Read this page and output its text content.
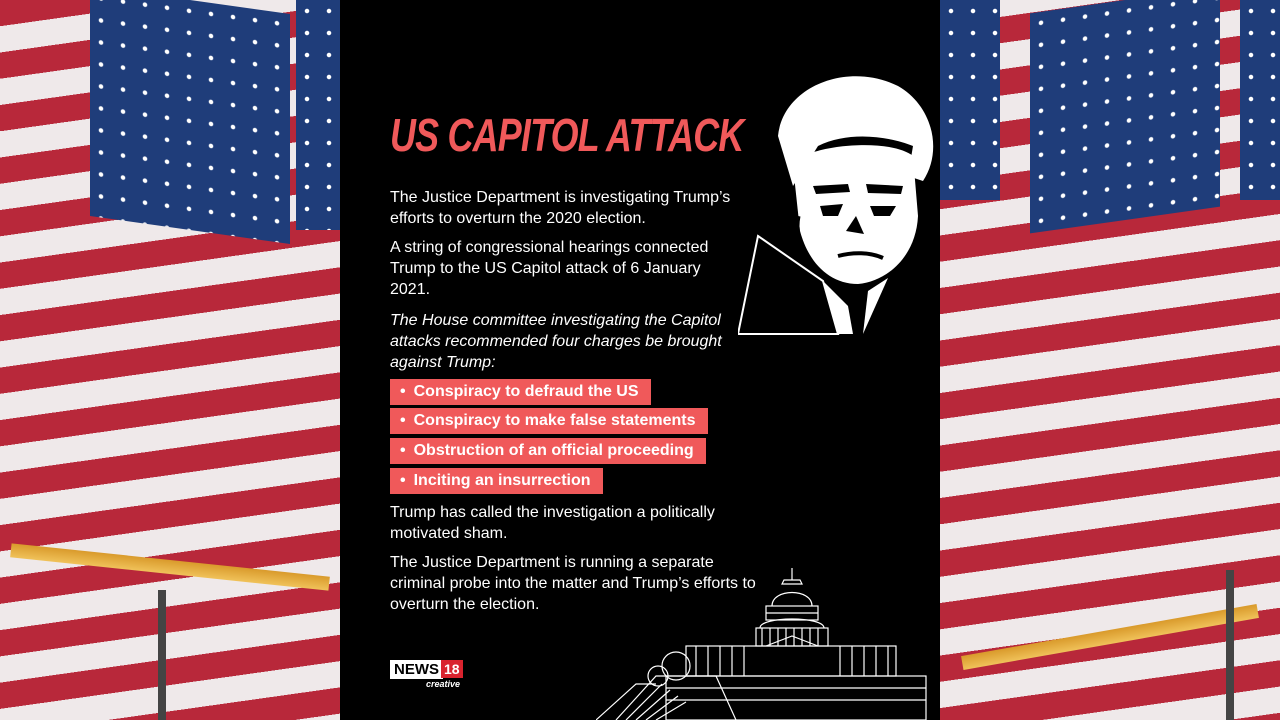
US CAPITOL ATTACK
The Justice Department is investigating Trump’s efforts to overturn the 2020 election.
A string of congressional hearings connected Trump to the US Capitol attack of 6 January 2021.
The House committee investigating the Capitol attacks recommended four charges be brought against Trump:
• Conspiracy to defraud the US
• Conspiracy to make false statements
• Obstruction of an official proceeding
• Inciting an insurrection
Trump has called the investigation a politically motivated sham.
The Justice Department is running a separate criminal probe into the matter and Trump’s efforts to overturn the election.
NEWS 18
creative
